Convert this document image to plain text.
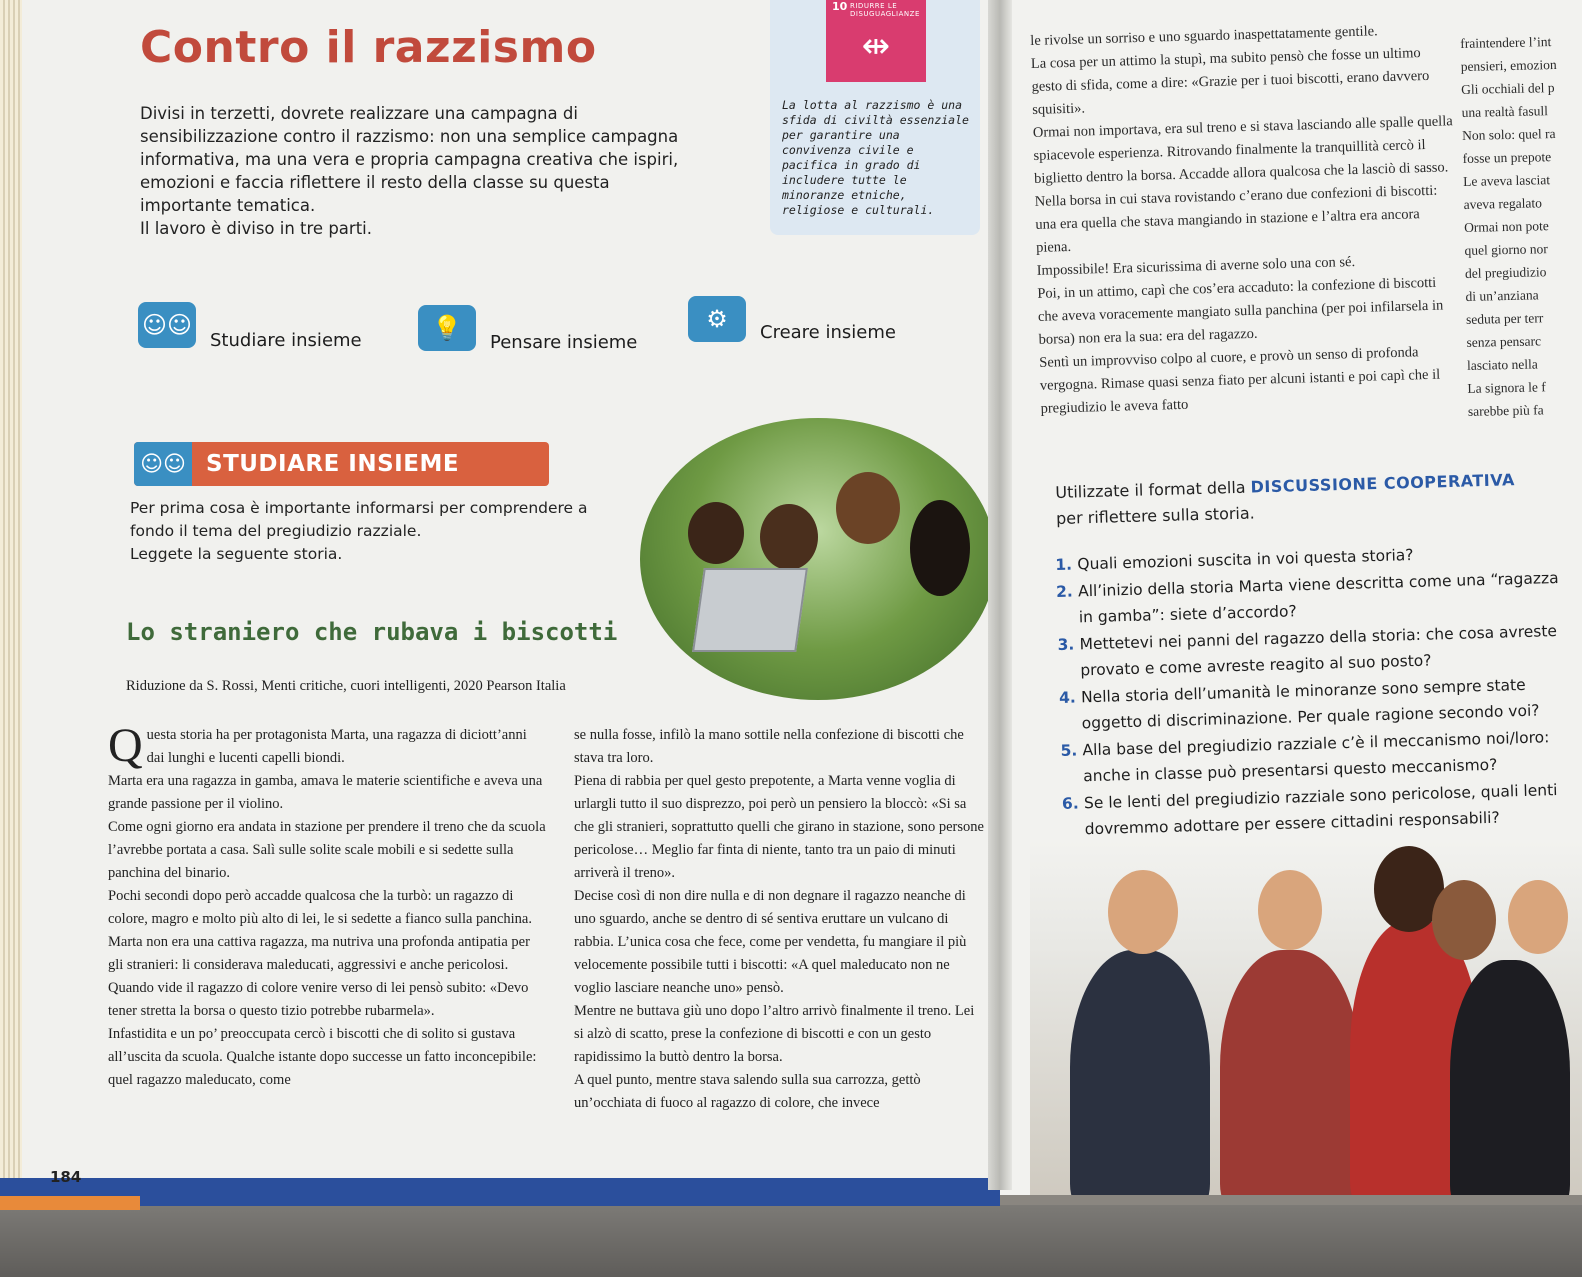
10 RIDURRE LE DISUGUAGLIANZE
⇹
La lotta al razzismo è una sfida di civiltà essenziale per garantire una convivenza civile e pacifica in grado di includere tutte le minoranze etniche, religiose e culturali.
Contro il razzismo
Divisi in terzetti, dovrete realizzare una campagna di sensibilizzazione contro il razzismo: non una semplice campagna informativa, ma una vera e propria campagna creativa che ispiri, emozioni e faccia riflettere il resto della classe su questa importante tematica.
Il lavoro è diviso in tre parti.
☺☺
Studiare insieme	💡
Pensare insieme
⚙	Creare insieme
☺☺ STUDIARE INSIEME
Per prima cosa è importante informarsi per comprendere a fondo il tema del pregiudizio razziale.
Leggete la seguente storia.
Lo straniero che rubava i biscotti
Riduzione da S. Rossi, Menti critiche, cuori intelligenti, 2020 Pearson Italia

Questa storia ha per protagonista Marta, una ragazza di diciott’anni dai lunghi e lucenti capelli biondi.

Marta era una ragazza in gamba, amava le materie scientifiche e aveva una grande passione per il violino.

Come ogni giorno era andata in stazione per prendere il treno che da scuola l’avrebbe portata a casa. Salì sulle solite scale mobili e si sedette sulla panchina del binario.

Pochi secondi dopo però accadde qualcosa che la turbò: un ragazzo di colore, magro e molto più alto di lei, le si sedette a fianco sulla panchina. Marta non era una cattiva ragazza, ma nutriva una profonda antipatia per gli stranieri: li considerava maleducati, aggressivi e anche pericolosi.

Quando vide il ragazzo di colore venire verso di lei pensò subito: «Devo tener stretta la borsa o questo tizio potrebbe rubarmela».

Infastidita e un po’ preoccupata cercò i biscotti che di solito si gustava all’uscita da scuola. Qualche istante dopo successe un fatto inconcepibile: quel ragazzo maleducato, come

se nulla fosse, infilò la mano sottile nella confezione di biscotti che stava tra loro.

Piena di rabbia per quel gesto prepotente, a Marta venne voglia di urlargli tutto il suo disprezzo, poi però un pensiero la bloccò: «Si sa che gli stranieri, soprattutto quelli che girano in stazione, sono persone pericolose… Meglio far finta di niente, tanto tra un paio di minuti arriverà il treno».

Decise così di non dire nulla e di non degnare il ragazzo neanche di uno sguardo, anche se dentro di sé sentiva eruttare un vulcano di rabbia. L’unica cosa che fece, come per vendetta, fu mangiare il più velocemente possibile tutti i biscotti: «A quel maleducato non ne voglio lasciare neanche uno» pensò.

Mentre ne buttava giù uno dopo l’altro arrivò finalmente il treno. Lei si alzò di scatto, prese la confezione di biscotti e con un gesto rapidissimo la buttò dentro la borsa.

A quel punto, mentre stava salendo sulla sua carrozza, gettò un’occhiata di fuoco al ragazzo di colore, che invece

184

le rivolse un sorriso e uno sguardo inaspettatamente gentile.

La cosa per un attimo la stupì, ma subito pensò che fosse un ultimo gesto di sfida, come a dire: «Grazie per i tuoi biscotti, erano davvero squisiti».

Ormai non importava, era sul treno e si stava lasciando alle spalle quella spiacevole esperienza. Ritrovando finalmente la tranquillità cercò il biglietto dentro la borsa. Accadde allora qualcosa che la lasciò di sasso. Nella borsa in cui stava rovistando c’erano due confezioni di biscotti: una era quella che stava mangiando in stazione e l’altra era ancora piena.

Impossibile! Era sicurissima di averne solo una con sé.

Poi, in un attimo, capì che cos’era accaduto: la confezione di biscotti che aveva voracemente mangiato sulla panchina (per poi infilarsela in borsa) non era la sua: era del ragazzo.

Sentì un improvviso colpo al cuore, e provò un senso di profonda vergogna. Rimase quasi senza fiato per alcuni istanti e poi capì che il pregiudizio le aveva fatto

fraintendere l’int
pensieri, emozion
Gli occhiali del p
una realtà fasull
Non solo: quel ra
fosse un prepote
Le aveva lasciat
aveva regalato
Ormai non pote
quel giorno nor
del pregiudizio
di un’anziana
seduta per terr
senza pensarc
lasciato nella
La signora le f
sarebbe più fa
Utilizzate il format della DISCUSSIONE COOPERATIVA
per riflettere sulla storia.
1. Quali emozioni suscita in voi questa storia?
2. All’inizio della storia Marta viene descritta come una “ragazza in gamba”: siete d’accordo?
3. Mettetevi nei panni del ragazzo della storia: che cosa avreste provato e come avreste reagito al suo posto?
4. Nella storia dell’umanità le minoranze sono sempre state oggetto di discriminazione. Per quale ragione secondo voi?
5. Alla base del pregiudizio razziale c’è il meccanismo noi/loro: anche in classe può presentarsi questo meccanismo?
6. Se le lenti del pregiudizio razziale sono pericolose, quali lenti dovremmo adottare per essere cittadini responsabili?
